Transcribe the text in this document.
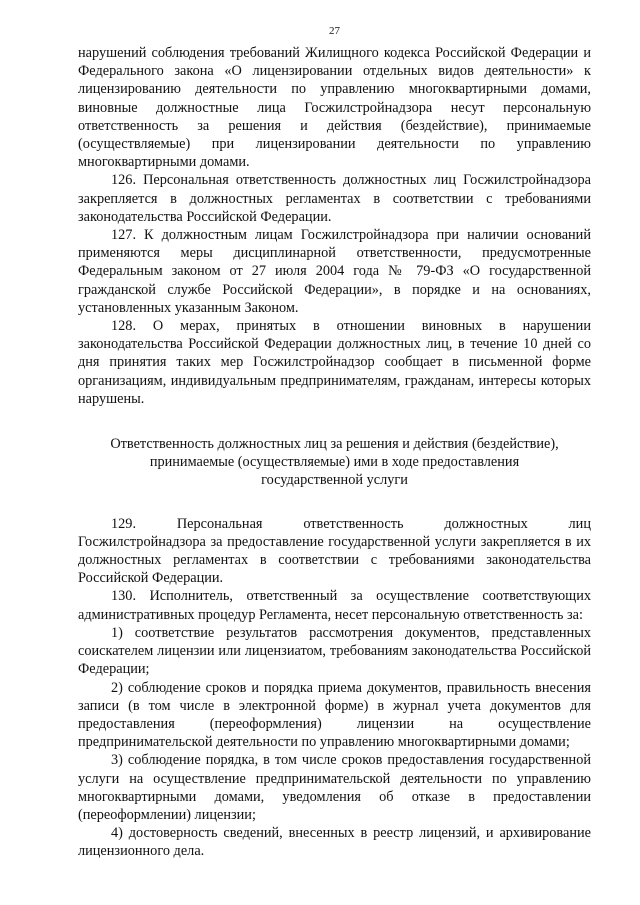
27

нарушений соблюдения требований Жилищного кодекса Российской Федерации и Федерального закона «О лицензировании отдельных видов деятельности» к лицензированию деятельности по управлению многоквартирными домами, виновные должностные лица Госжилстройнадзора несут персональную ответственность за решения и действия (бездействие), принимаемые (осуществляемые) при лицензировании деятельности по управлению многоквартирными домами.

126. Персональная ответственность должностных лиц Госжилстройнадзора закрепляется в должностных регламентах в соответствии с требованиями законодательства Российской Федерации.

127. К должностным лицам Госжилстройнадзора при наличии оснований применяются меры дисциплинарной ответственности, предусмотренные Федеральным законом от 27 июля 2004 года № 79-ФЗ «О государственной гражданской службе Российской Федерации», в порядке и на основаниях, установленных указанным Законом.

128. О мерах, принятых в отношении виновных в нарушении законодательства Российской Федерации должностных лиц, в течение 10 дней со дня принятия таких мер Госжилстройнадзор сообщает в письменной форме организациям, индивидуальным предпринимателям, гражданам, интересы которых нарушены.

Ответственность должностных лиц за решения и действия (бездействие),

принимаемые (осуществляемые) ими в ходе предоставления

государственной услуги

129.	Персональная	ответственность	должностных	лиц

Госжилстройнадзора за предоставление государственной услуги закрепляется в их должностных регламентах в соответствии с требованиями законодательства Российской Федерации.

130. Исполнитель, ответственный за осуществление соответствующих административных процедур Регламента, несет персональную ответственность за:

1) соответствие результатов рассмотрения документов, представленных соискателем лицензии или лицензиатом, требованиям законодательства Российской Федерации;

2) соблюдение сроков и порядка приема документов, правильность внесения записи (в том числе в электронной форме) в журнал учета документов для предоставления (переоформления) лицензии на осуществление предпринимательской деятельности по управлению многоквартирными домами;

3) соблюдение порядка, в том числе сроков предоставления государственной услуги на осуществление предпринимательской деятельности по управлению многоквартирными домами, уведомления об отказе в предоставлении (переоформлении) лицензии;

4) достоверность сведений, внесенных в реестр лицензий, и архивирование лицензионного дела.
